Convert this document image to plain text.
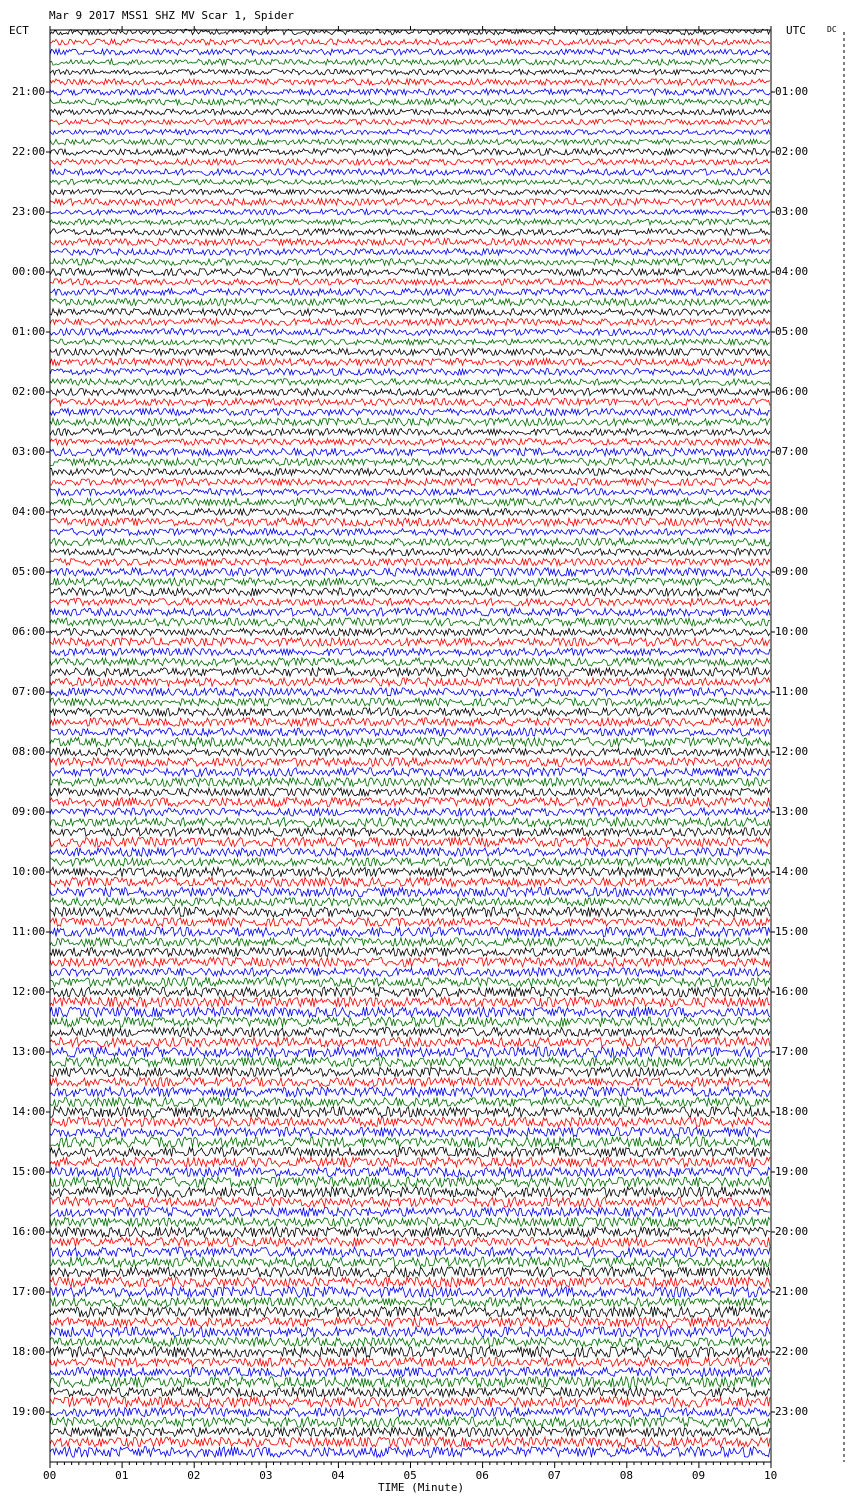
Mar 9 2017 MSS1 SHZ MV Scar 1, Spider
ECT	UTC	DC
TIME (Minute)
21:00
22:00
23:00
00:00
01:00
02:00
03:00
04:00
05:00
06:00
07:00
08:00
09:00
10:00
11:00
12:00
13:00
14:00
15:00
16:00
17:00
18:00
19:00
01:00
02:00
03:00
04:00
05:00
06:00
07:00
08:00
09:00
10:00
11:00
12:00
13:00
14:00
15:00
16:00
17:00
18:00
19:00
20:00
21:00
22:00
23:00
00	01	02	03	04	05	06	07	08	09	10
